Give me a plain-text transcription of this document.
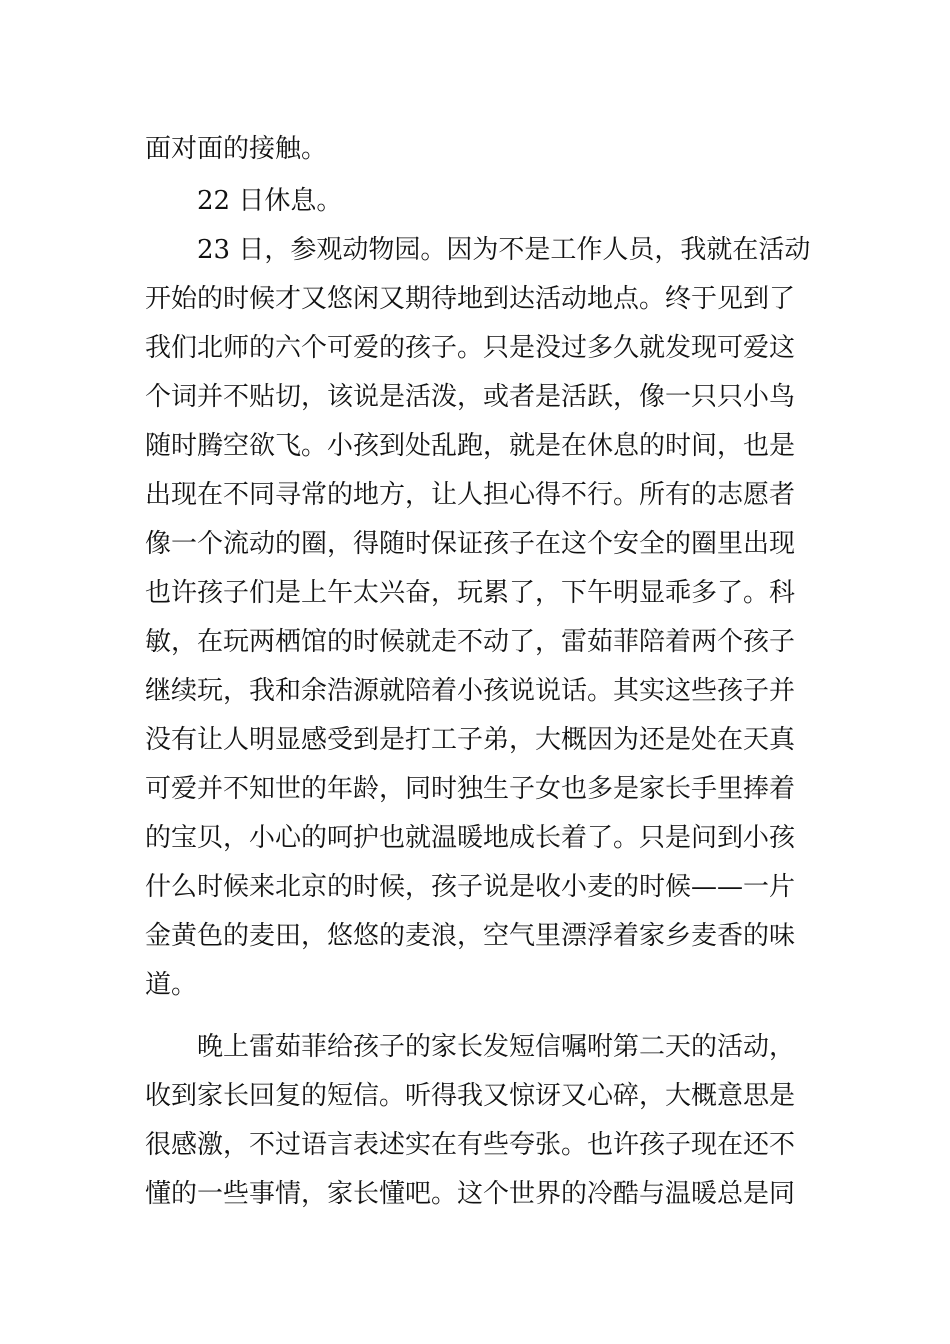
面对面的接触。
22 日休息。
23 日，参观动物园。因为不是工作人员，我就在活动
开始的时候才又悠闲又期待地到达活动地点。终于见到了
我们北师的六个可爱的孩子。只是没过多久就发现可爱这
个词并不贴切，该说是活泼，或者是活跃，像一只只小鸟
随时腾空欲飞。小孩到处乱跑，就是在休息的时间，也是
出现在不同寻常的地方，让人担心得不行。所有的志愿者
像一个流动的圈，得随时保证孩子在这个安全的圈里出现
也许孩子们是上午太兴奋，玩累了，下午明显乖多了。科
敏，在玩两栖馆的时候就走不动了，雷茹菲陪着两个孩子
继续玩，我和余浩源就陪着小孩说说话。其实这些孩子并
没有让人明显感受到是打工子弟，大概因为还是处在天真
可爱并不知世的年龄，同时独生子女也多是家长手里捧着
的宝贝，小心的呵护也就温暖地成长着了。只是问到小孩
什么时候来北京的时候，孩子说是收小麦的时候——一片
金黄色的麦田，悠悠的麦浪，空气里漂浮着家乡麦香的味
道。
晚上雷茹菲给孩子的家长发短信嘱咐第二天的活动，
收到家长回复的短信。听得我又惊讶又心碎，大概意思是
很感激，不过语言表述实在有些夸张。也许孩子现在还不
懂的一些事情，家长懂吧。这个世界的冷酷与温暖总是同
